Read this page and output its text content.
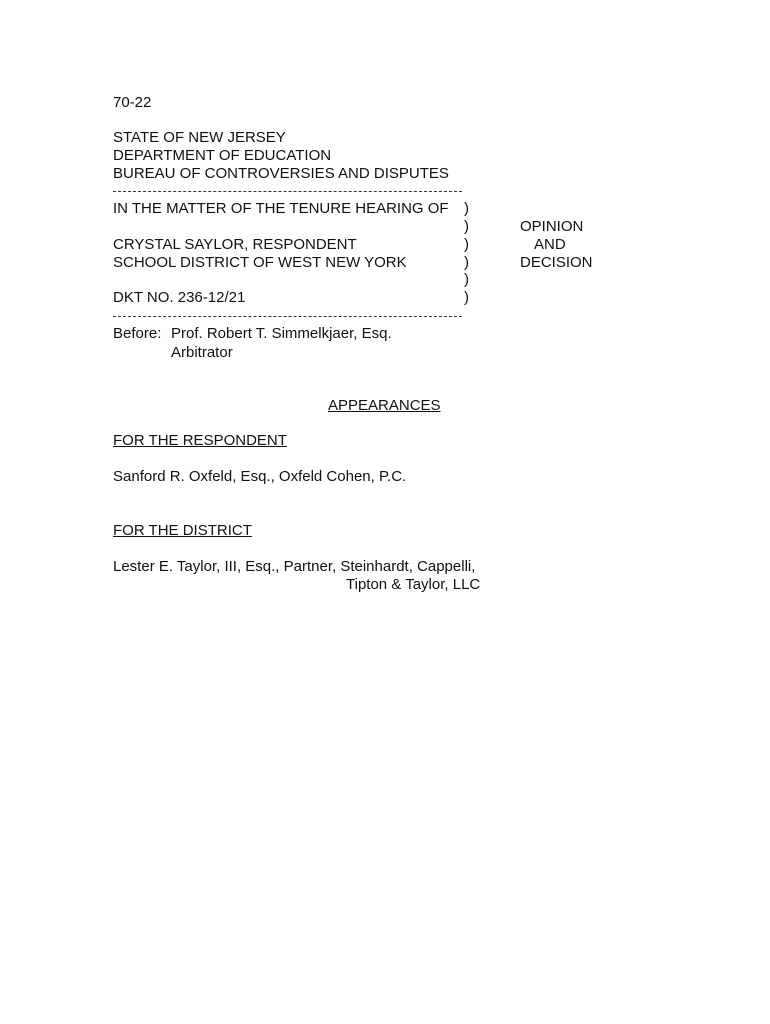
70-22
STATE OF NEW JERSEY
DEPARTMENT OF EDUCATION
BUREAU OF CONTROVERSIES AND DISPUTES
IN THE MATTER OF THE TENURE HEARING OF
CRYSTAL SAYLOR, RESPONDENT
SCHOOL DISTRICT OF WEST NEW YORK
DKT NO. 236-12/21
)
)
)
)
)
)
OPINION
AND
DECISION
Before: Prof. Robert T. Simmelkjaer, Esq.
Arbitrator
APPEARANCES
FOR THE RESPONDENT
Sanford R. Oxfeld, Esq., Oxfeld Cohen, P.C.
FOR THE DISTRICT
Lester E. Taylor, III, Esq., Partner, Steinhardt, Cappelli,
Tipton & Taylor, LLC
